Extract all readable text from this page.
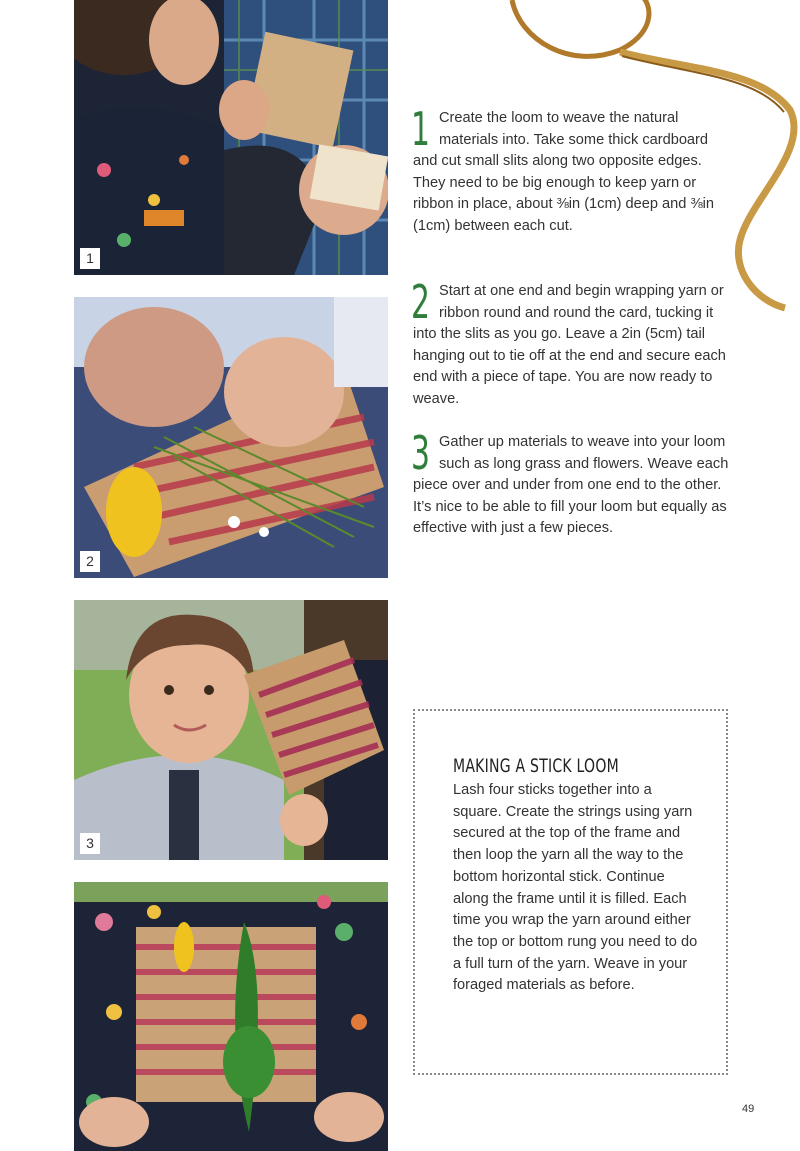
1
2
3
1 Create the loom to weave the natural materials into. Take some thick cardboard and cut small slits along two opposite edges. They need to be big enough to keep yarn or ribbon in place, about ⅜in (1cm) deep and ⅜in (1cm) between each cut.
2 Start at one end and begin wrapping yarn or ribbon round and round the card, tucking it into the slits as you go. Leave a 2in (5cm) tail hanging out to tie off at the end and secure each end with a piece of tape. You are now ready to weave.
3 Gather up materials to weave into your loom such as long grass and flowers. Weave each piece over and under from one end to the other. It’s nice to be able to fill your loom but equally as effective with just a few pieces.
MAKING A STICK LOOM
Lash four sticks together into a square. Create the strings using yarn secured at the top of the frame and then loop the yarn all the way to the bottom horizontal stick. Continue along the frame until it is filled. Each time you wrap the yarn around either the top or bottom rung you need to do a full turn of the yarn. Weave in your foraged materials as before.
49
